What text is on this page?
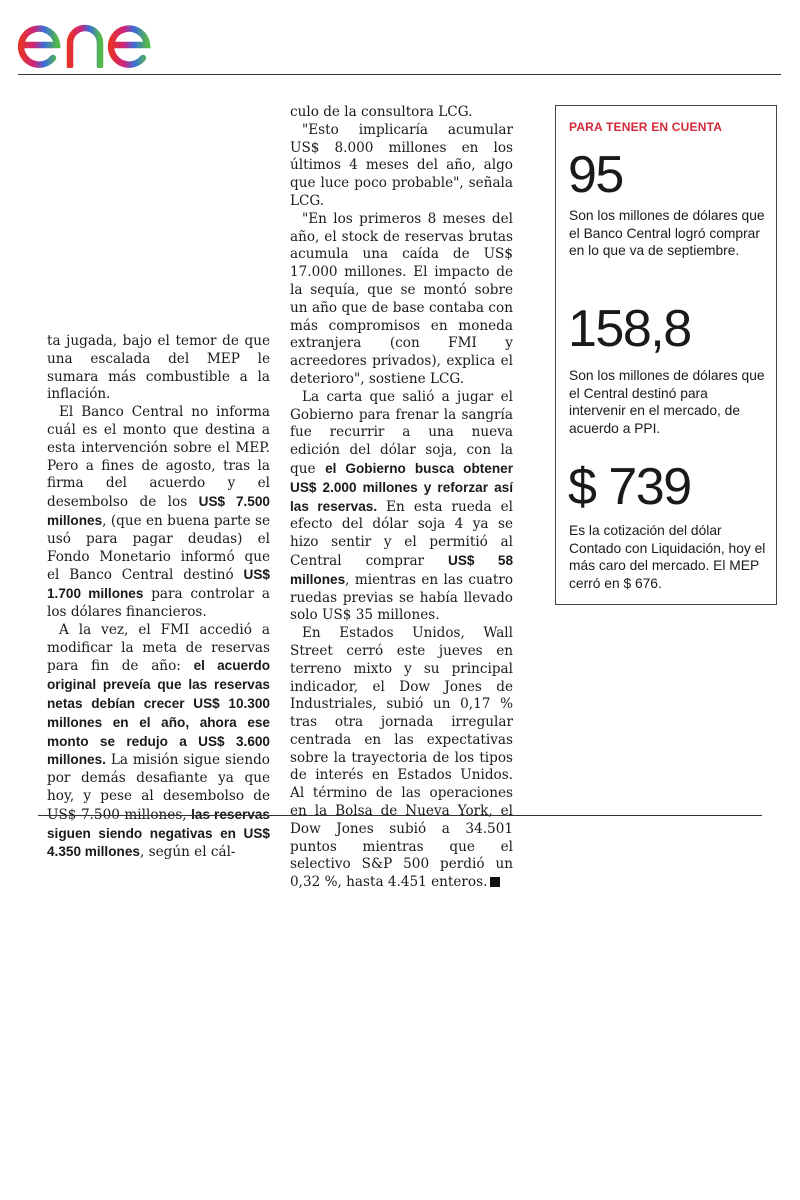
ta jugada, bajo el temor de que una escalada del MEP le sumara más combustible a la inflación.

El Banco Central no informa cuál es el monto que destina a esta intervención sobre el MEP. Pero a fines de agosto, tras la firma del acuerdo y el desembolso de los US$ 7.500 millones, (que en buena parte se usó para pagar deudas) el Fondo Monetario informó que el Banco Central destinó US$ 1.700 millones para controlar a los dólares financieros.

A la vez, el FMI accedió a modificar la meta de reservas para fin de año: el acuerdo original preveía que las reservas netas debían crecer US$ 10.300 millones en el año, ahora ese monto se redujo a US$ 3.600 millones. La misión sigue siendo por demás desafiante ya que hoy, y pese al desembolso de US$ 7.500 millones, las reservas siguen siendo negativas en US$ 4.350 millones, según el cál-

culo de la consultora LCG.

"Esto implicaría acumular US$ 8.000 millones en los últimos 4 meses del año, algo que luce poco probable", señala LCG.

"En los primeros 8 meses del año, el stock de reservas brutas acumula una caída de US$ 17.000 millones. El impacto de la sequía, que se montó sobre un año que de base contaba con más compromisos en moneda extranjera (con FMI y acreedores privados), explica el deterioro", sostiene LCG.

La carta que salió a jugar el Gobierno para frenar la sangría fue recurrir a una nueva edición del dólar soja, con la que el Gobierno busca obtener US$ 2.000 millones y reforzar así las reservas. En esta rueda el efecto del dólar soja 4 ya se hizo sentir y el permitió al Central comprar US$ 58 millones, mientras en las cuatro ruedas previas se había llevado solo US$ 35 millones.

En Estados Unidos, Wall Street cerró este jueves en terreno mixto y su principal indicador, el Dow Jones de Industriales, subió un 0,17 % tras otra jornada irregular centrada en las expectativas sobre la trayectoria de los tipos de interés en Estados Unidos. Al término de las operaciones en la Bolsa de Nueva York, el Dow Jones subió a 34.501 puntos mientras que el selectivo S&P 500 perdió un 0,32 %, hasta 4.451 enteros.

PARA TENER EN CUENTA
95
Son los millones de dólares que el Banco Central logró comprar en lo que va de septiembre.
158,8
Son los millones de dólares que el Central destinó para intervenir en el mercado, de acuerdo a PPI.
$ 739
Es la cotización del dólar Contado con Liquidación, hoy el más caro del mercado. El MEP cerró en $ 676.
